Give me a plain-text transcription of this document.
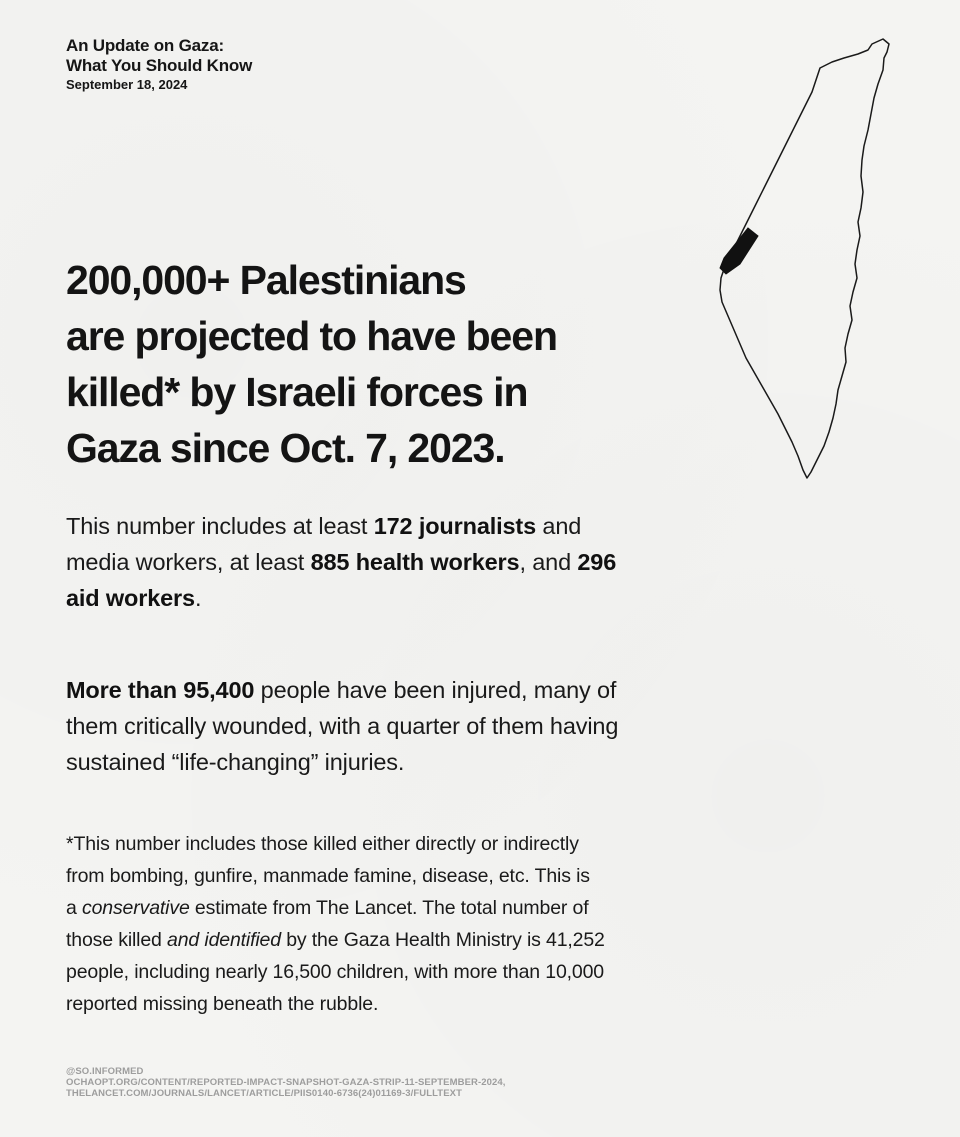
An Update on Gaza:
What You Should Know
September 18, 2024
200,000+ Palestinians
are projected to have been
killed* by Israeli forces in
Gaza since Oct. 7, 2023.
This number includes at least 172 journalists and
media workers, at least 885 health workers, and 296
aid workers.
More than 95,400 people have been injured, many of
them critically wounded, with a quarter of them having
sustained “life-changing” injuries.
*This number includes those killed either directly or indirectly
from bombing, gunfire, manmade famine, disease, etc. This is
a conservative estimate from The Lancet. The total number of
those killed and identified by the Gaza Health Ministry is 41,252
people, including nearly 16,500 children, with more than 10,000
reported missing beneath the rubble.
@SO.INFORMED
OCHAOPT.ORG/CONTENT/REPORTED-IMPACT-SNAPSHOT-GAZA-STRIP-11-SEPTEMBER-2024,
THELANCET.COM/JOURNALS/LANCET/ARTICLE/PIIS0140-6736(24)01169-3/FULLTEXT
